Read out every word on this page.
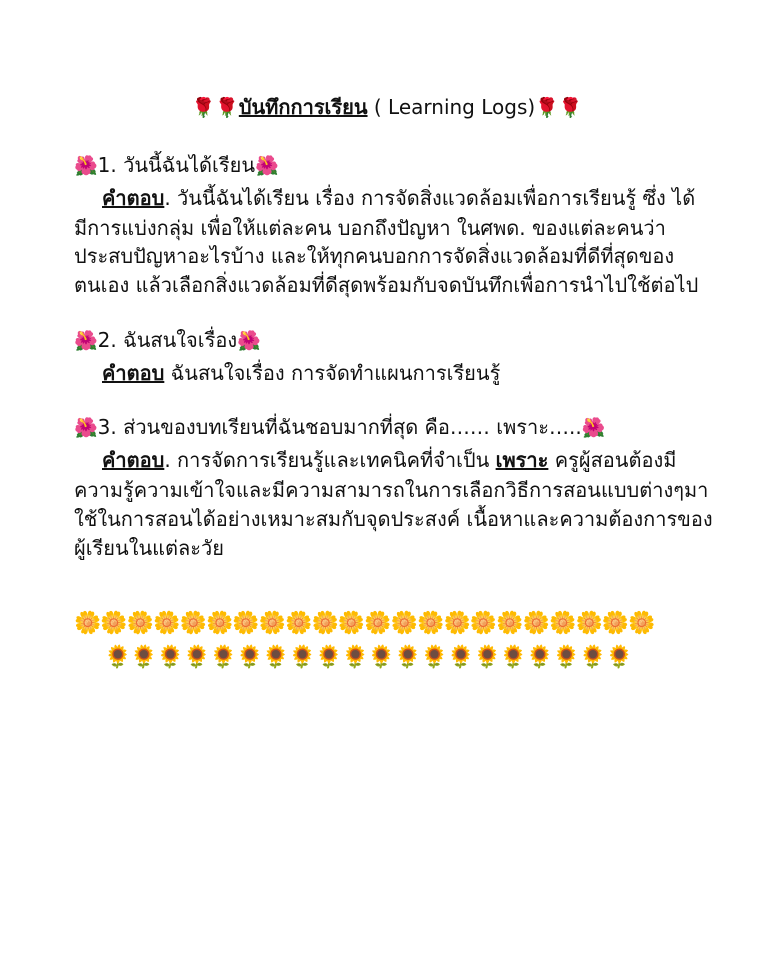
🌹🌹บันทึกการเรียน ( Learning Logs)🌹🌹
🌺1. วันนี้ฉันได้เรียน🌺
คำตอบ. วันนี้ฉันได้เรียน เรื่อง การจัดสิ่งแวดล้อมเพื่อการเรียนรู้ ซึ่ง ได้
มีการแบ่งกลุ่ม เพื่อให้แต่ละคน บอกถึงปัญหา ในศพด. ของแต่ละคนว่า
ประสบปัญหาอะไรบ้าง และให้ทุกคนบอกการจัดสิ่งแวดล้อมที่ดีที่สุดของ
ตนเอง แล้วเลือกสิ่งแวดล้อมที่ดีสุดพร้อมกับจดบันทึกเพื่อการนำไปใช้ต่อไป
🌺2. ฉันสนใจเรื่อง🌺
คำตอบ ฉันสนใจเรื่อง การจัดทำแผนการเรียนรู้
🌺3. ส่วนของบทเรียนที่ฉันชอบมากที่สุด คือ…… เพราะ…..🌺
คำตอบ. การจัดการเรียนรู้และเทคนิคที่จำเป็น เพราะ ครูผู้สอนต้องมี
ความรู้ความเข้าใจและมีความสามารถในการเลือกวิธีการสอนแบบต่างๆมา
ใช้ในการสอนได้อย่างเหมาะสมกับจุดประสงค์ เนื้อหาและความต้องการของ
ผู้เรียนในแต่ละวัย
🌼🌼🌼🌼🌼🌼🌼🌼🌼🌼🌼🌼🌼🌼🌼🌼🌼🌼🌼🌼🌼🌼
🌻🌻🌻🌻🌻🌻🌻🌻🌻🌻🌻🌻🌻🌻🌻🌻🌻🌻🌻🌻
